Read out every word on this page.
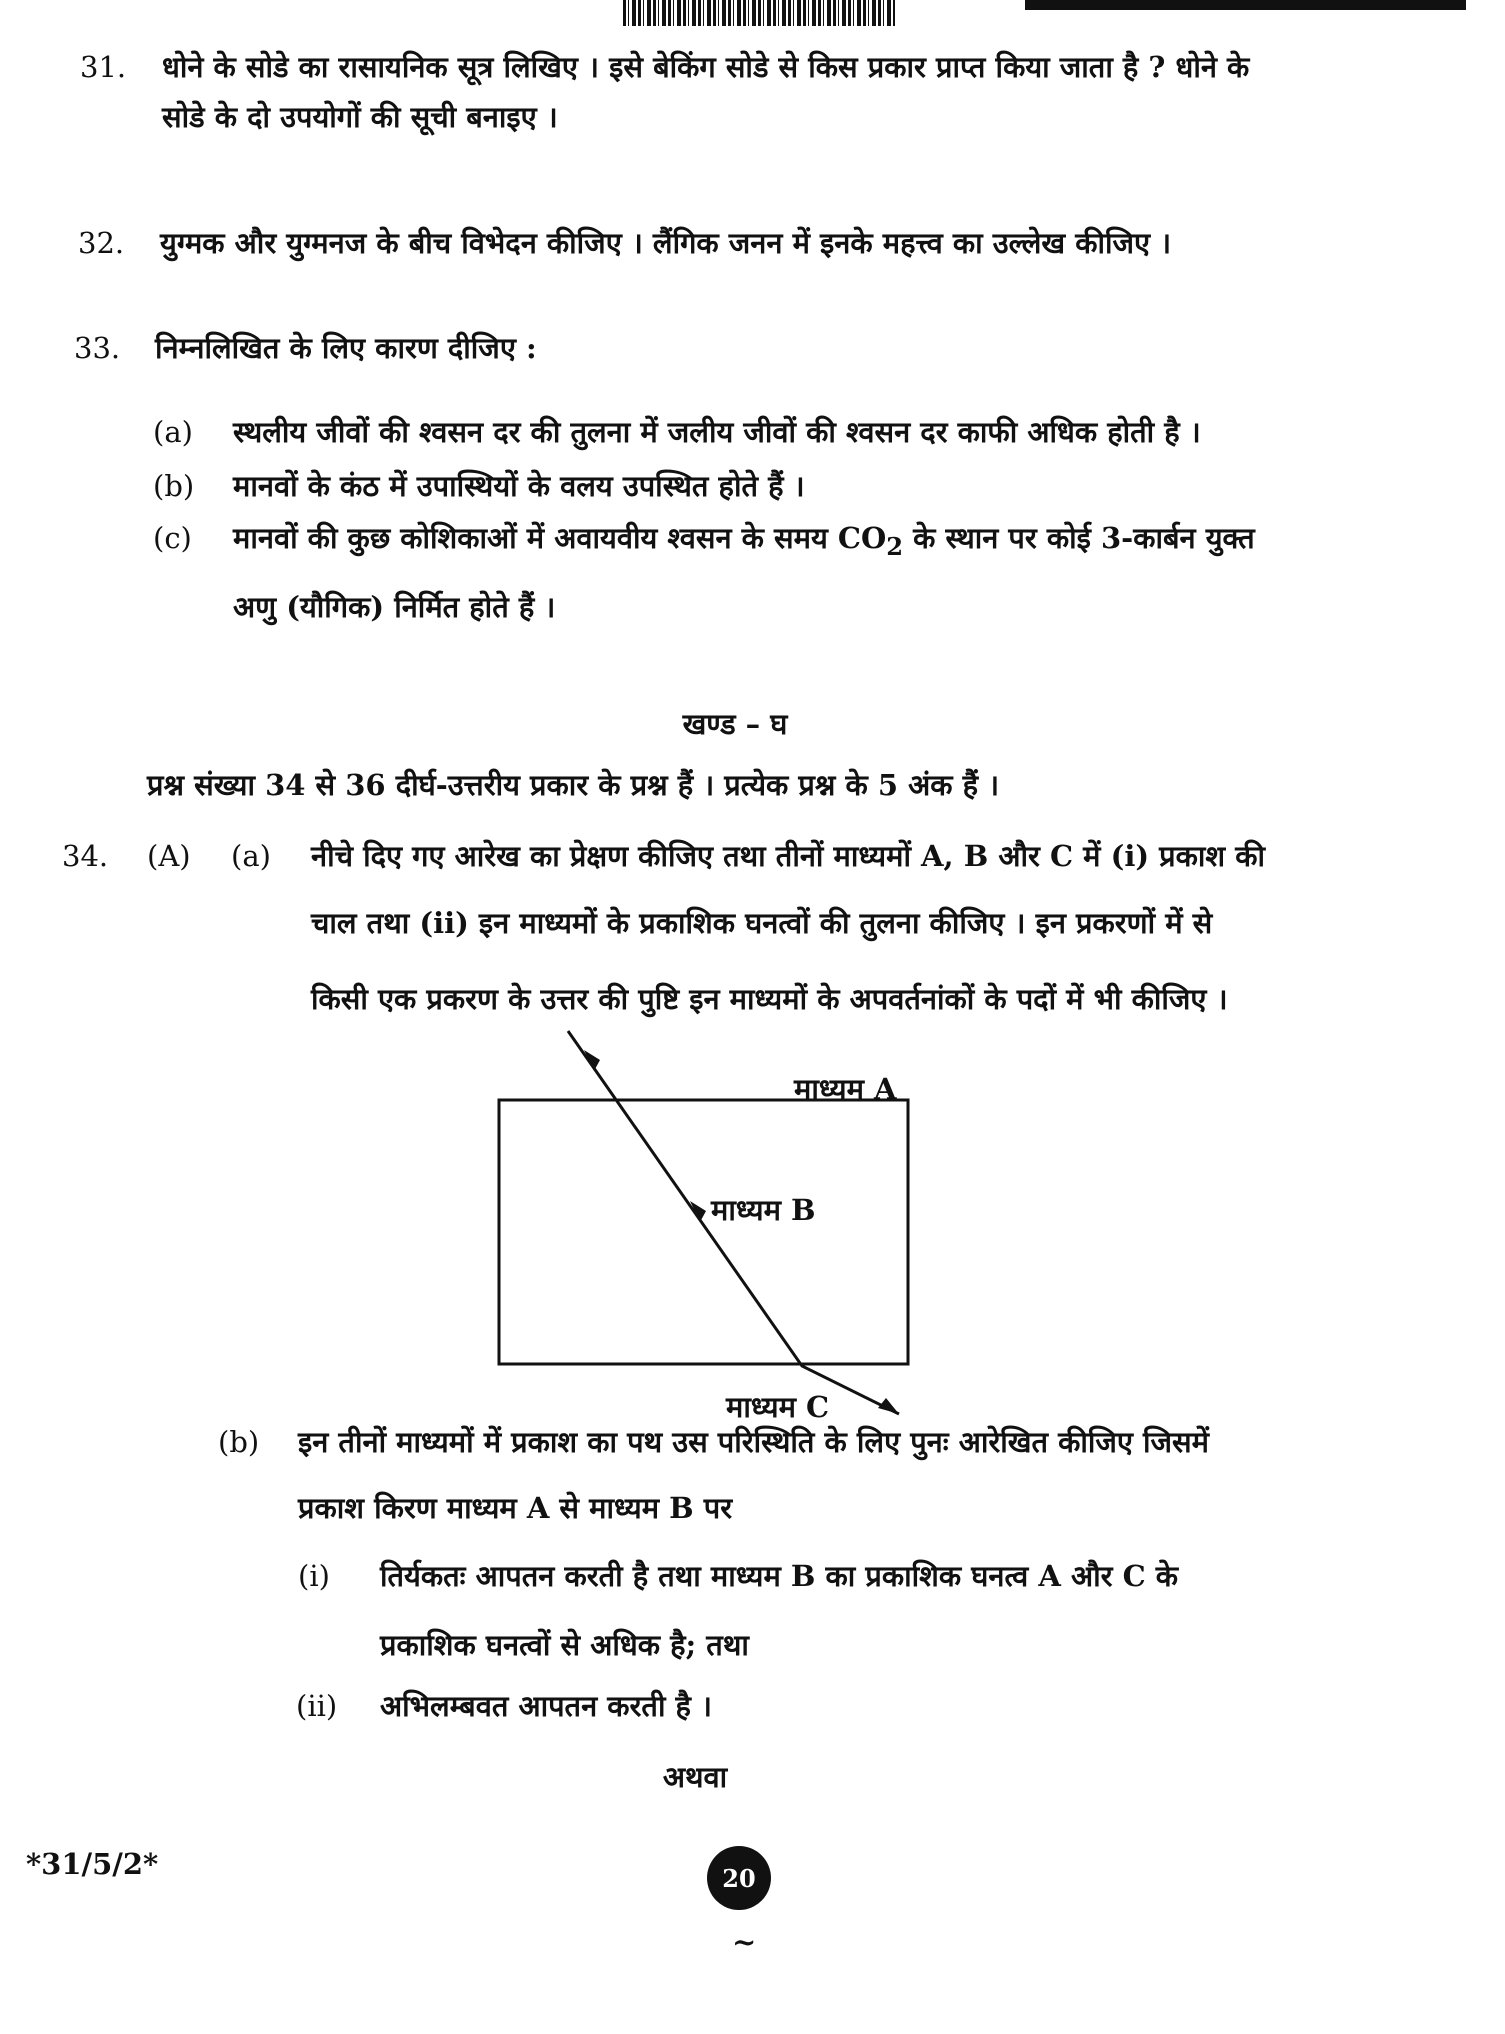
31. धोने के सोडे का रासायनिक सूत्र लिखिए । इसे बेकिंग सोडे से किस प्रकार प्राप्त किया जाता है ? धोने के
सोडे के दो उपयोगों की सूची बनाइए ।
32. युग्मक और युग्मनज के बीच विभेदन कीजिए । लैंगिक जनन में इनके महत्त्व का उल्लेख कीजिए ।
33. निम्नलिखित के लिए कारण दीजिए :
(a) स्थलीय जीवों की श्वसन दर की तुलना में जलीय जीवों की श्वसन दर काफी अधिक होती है ।
(b) मानवों के कंठ में उपास्थियों के वलय उपस्थित होते हैं ।
(c) मानवों की कुछ कोशिकाओं में अवायवीय श्वसन के समय $CO_2$ के स्थान पर कोई 3-कार्बन युक्त
अणु (यौगिक) निर्मित होते हैं ।
खण्ड – घ
प्रश्न संख्या 34 से 36 दीर्घ-उत्तरीय प्रकार के प्रश्न हैं । प्रत्येक प्रश्न के 5 अंक हैं ।
34. (A) (a) नीचे दिए गए आरेख का प्रेक्षण कीजिए तथा तीनों माध्यमों A, B और C में (i) प्रकाश की
चाल तथा (ii) इन माध्यमों के प्रकाशिक घनत्वों की तुलना कीजिए । इन प्रकरणों में से
किसी एक प्रकरण के उत्तर की पुष्टि इन माध्यमों के अपवर्तनांकों के पदों में भी कीजिए ।
माध्यम A
माध्यम B
माध्यम C
(b) इन तीनों माध्यमों में प्रकाश का पथ उस परिस्थिति के लिए पुनः आरेखित कीजिए जिसमें
प्रकाश किरण माध्यम A से माध्यम B पर
(i) तिर्यकतः आपतन करती है तथा माध्यम B का प्रकाशिक घनत्व A और C के
प्रकाशिक घनत्वों से अधिक है; तथा
(ii) अभिलम्बवत आपतन करती है ।
अथवा
*31/5/2*	20
~
